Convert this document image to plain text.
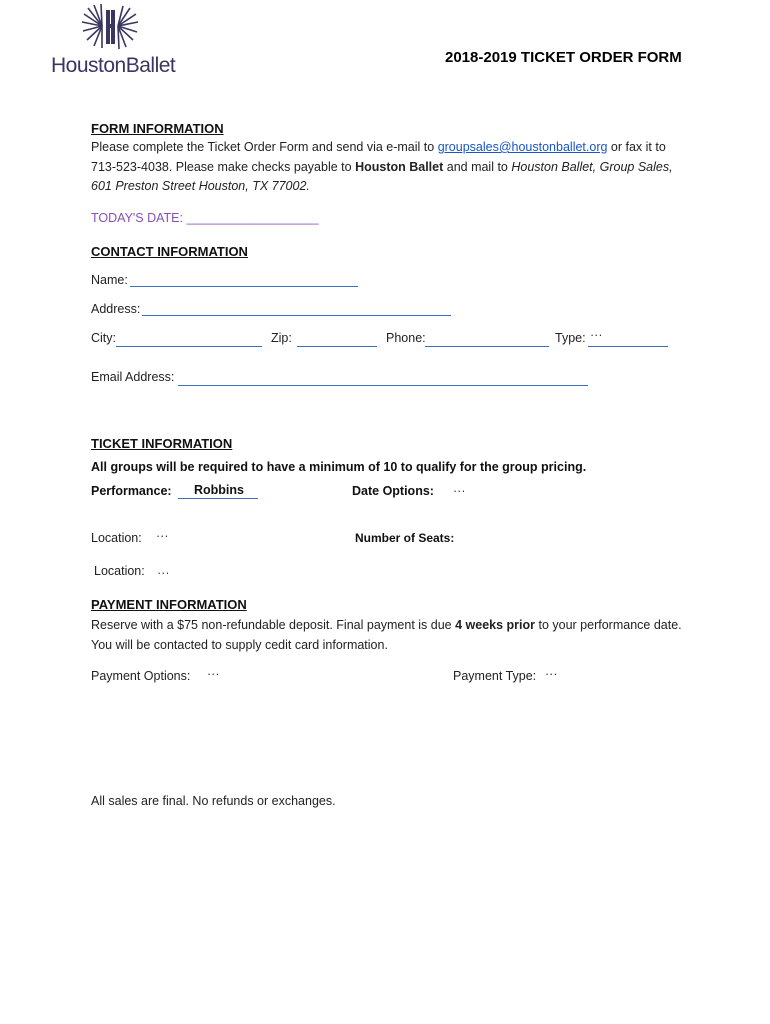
HoustonBallet	2018-2019 TICKET ORDER FORM
FORM INFORMATION
Please complete the Ticket Order Form and send via e-mail to groupsales@houstonballet.org or fax it to 713-523-4038. Please make checks payable to Houston Ballet and mail to Houston Ballet, Group Sales, 601 Preston Street Houston, TX 77002.
TODAY'S DATE: ___________________
CONTACT INFORMATION
Name:
Address:
City:	Zip:	Phone:	Type: ···
Email Address:
TICKET INFORMATION
All groups will be required to have a minimum of 10 to qualify for the group pricing.
Performance: Robbins	Date Options: ···
Location: ···	Number of Seats:
Location: ···
PAYMENT INFORMATION
Reserve with a $75 non-refundable deposit. Final payment is due 4 weeks prior to your performance date. You will be contacted to supply cedit card information.
Payment Options: ···	Payment Type: ···
All sales are final. No refunds or exchanges.
